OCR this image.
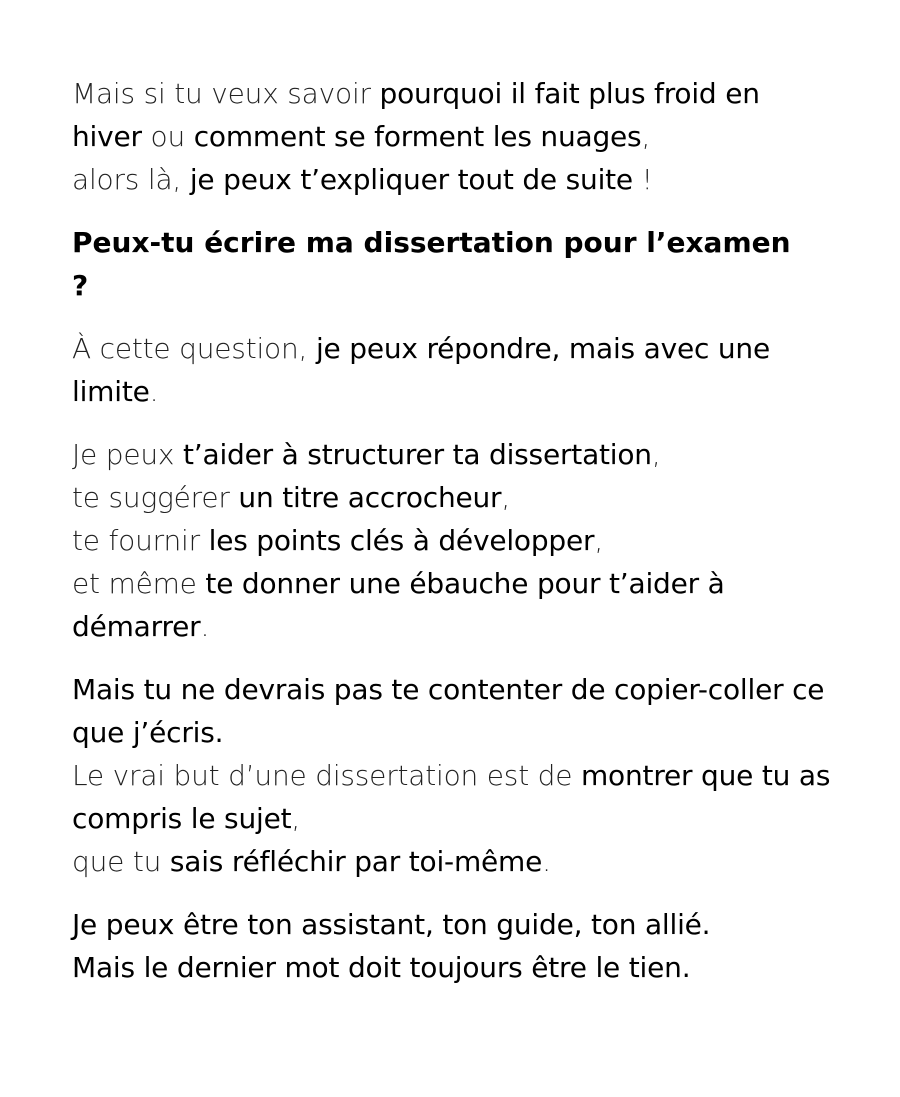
Mais si tu veux savoir pourquoi il fait plus froid en
hiver ou comment se forment les nuages,
alors là, je peux t’expliquer tout de suite !
Peux-tu écrire ma dissertation pour l’examen
?
À cette question, je peux répondre, mais avec une
limite.
Je peux t’aider à structurer ta dissertation,
te suggérer un titre accrocheur,
te fournir les points clés à développer,
et même te donner une ébauche pour t’aider à
démarrer.
Mais tu ne devrais pas te contenter de copier-coller ce
que j’écris.
Le vrai but d’une dissertation est de montrer que tu as
compris le sujet,
que tu sais réfléchir par toi-même.
Je peux être ton assistant, ton guide, ton allié.
Mais le dernier mot doit toujours être le tien.
